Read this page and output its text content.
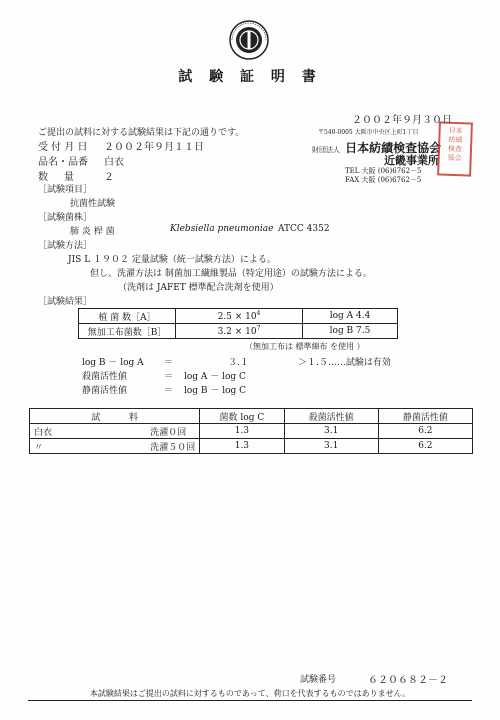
試 験 証 明 書
２００２年９月３０日
ご提出の試料に対する試験結果は下記の通りです。	〒540-0005 大阪市中央区上町1丁目
財団法人 日本紡績検査協会
近畿事業所
TEL 大阪 (06)6762－5
FAX 大阪 (06)6762－5
日本
紡績
検査
協会
受 付 月 日 ２００２年９月１１日
品名・品番 白衣
数     量	２
［試験項目］
抗菌性試験
［試験菌株］
肺 炎 桿 菌	Klebsiella pneumoniae ATCC 4352
［試験方法］
JIS L １９０２ 定量試験（統一試験方法）による。
但し、洗濯方法は 制菌加工繊維製品（特定用途）の試験方法による。
（洗剤は JAFET 標準配合洗剤を使用）
［試験結果］
植 菌 数［A］	$2.5 \times 10^4$	log A 4.4
無加工布菌数［B］	$3.2 \times 10^7$	log B 7.5
（無加工布は 標準綿布 を使用 ）
log B － log A ＝	３.１	＞１.５……試験は有効
殺菌活性値	＝ log A － log C
静菌活性値	＝ log B － log C
試          料		菌数 log C	殺菌活性値	静菌活性値
白衣	洗濯０回	1.3	3.1	6.2
〃	洗濯５０回	1.3	3.1	6.2
試験番号	６２０６８２－２
本試験結果はご提出の試料に対するものであって、荷口を代表するものではありません。
